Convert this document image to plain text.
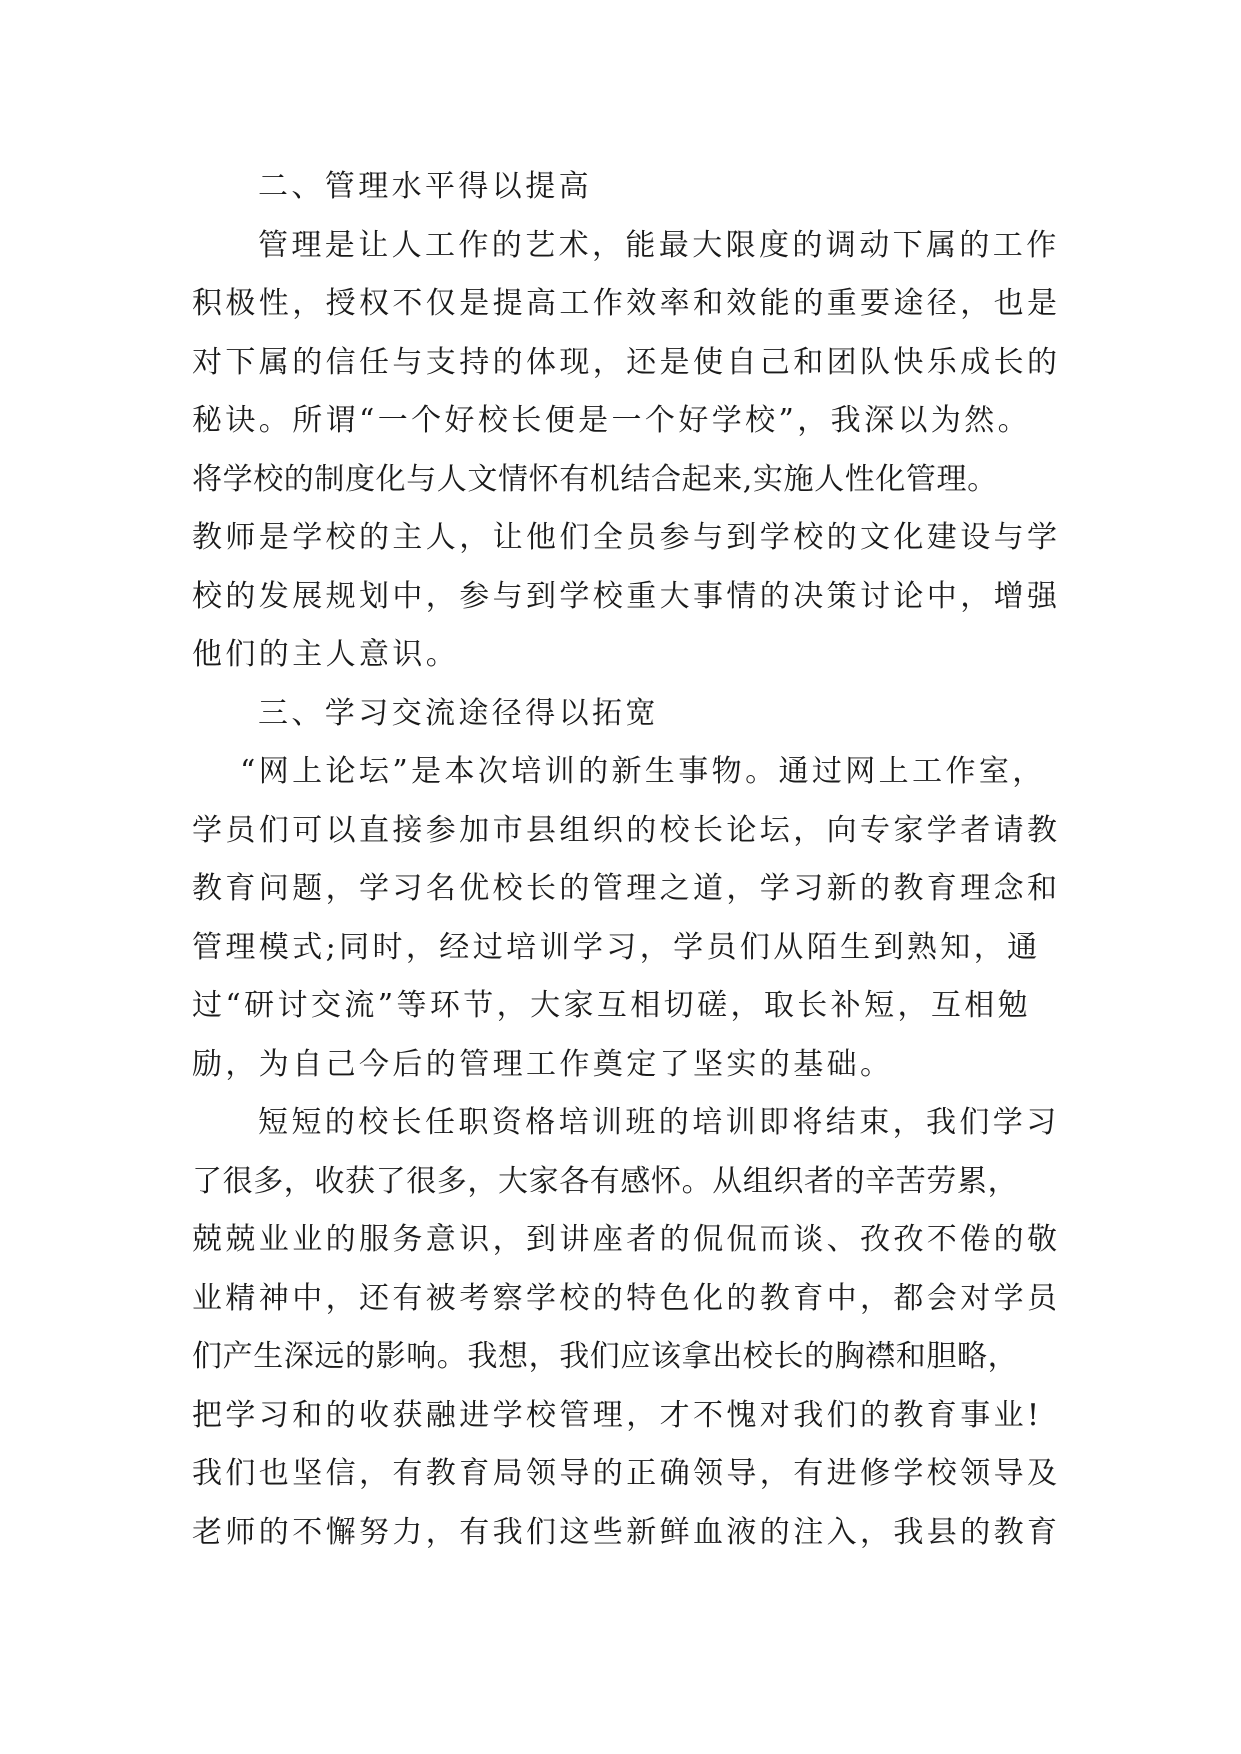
二、管理水平得以提高
管理是让人工作的艺术，能最大限度的调动下属的工作
积极性，授权不仅是提高工作效率和效能的重要途径，也是
对下属的信任与支持的体现，还是使自己和团队快乐成长的
秘诀。所谓“一个好校长便是一个好学校”，我深以为然。
将学校的制度化与人文情怀有机结合起来,实施人性化管理。
教师是学校的主人，让他们全员参与到学校的文化建设与学
校的发展规划中，参与到学校重大事情的决策讨论中，增强
他们的主人意识。
三、学习交流途径得以拓宽
“网上论坛”是本次培训的新生事物。通过网上工作室，
学员们可以直接参加市县组织的校长论坛，向专家学者请教
教育问题，学习名优校长的管理之道，学习新的教育理念和
管理模式;同时，经过培训学习，学员们从陌生到熟知，通
过“研讨交流”等环节，大家互相切磋，取长补短，互相勉
励，为自己今后的管理工作奠定了坚实的基础。
短短的校长任职资格培训班的培训即将结束，我们学习
了很多，收获了很多，大家各有感怀。从组织者的辛苦劳累，
兢兢业业的服务意识，到讲座者的侃侃而谈、孜孜不倦的敬
业精神中，还有被考察学校的特色化的教育中，都会对学员
们产生深远的影响。我想，我们应该拿出校长的胸襟和胆略，
把学习和的收获融进学校管理，才不愧对我们的教育事业!
我们也坚信，有教育局领导的正确领导，有进修学校领导及
老师的不懈努力，有我们这些新鲜血液的注入，我县的教育
